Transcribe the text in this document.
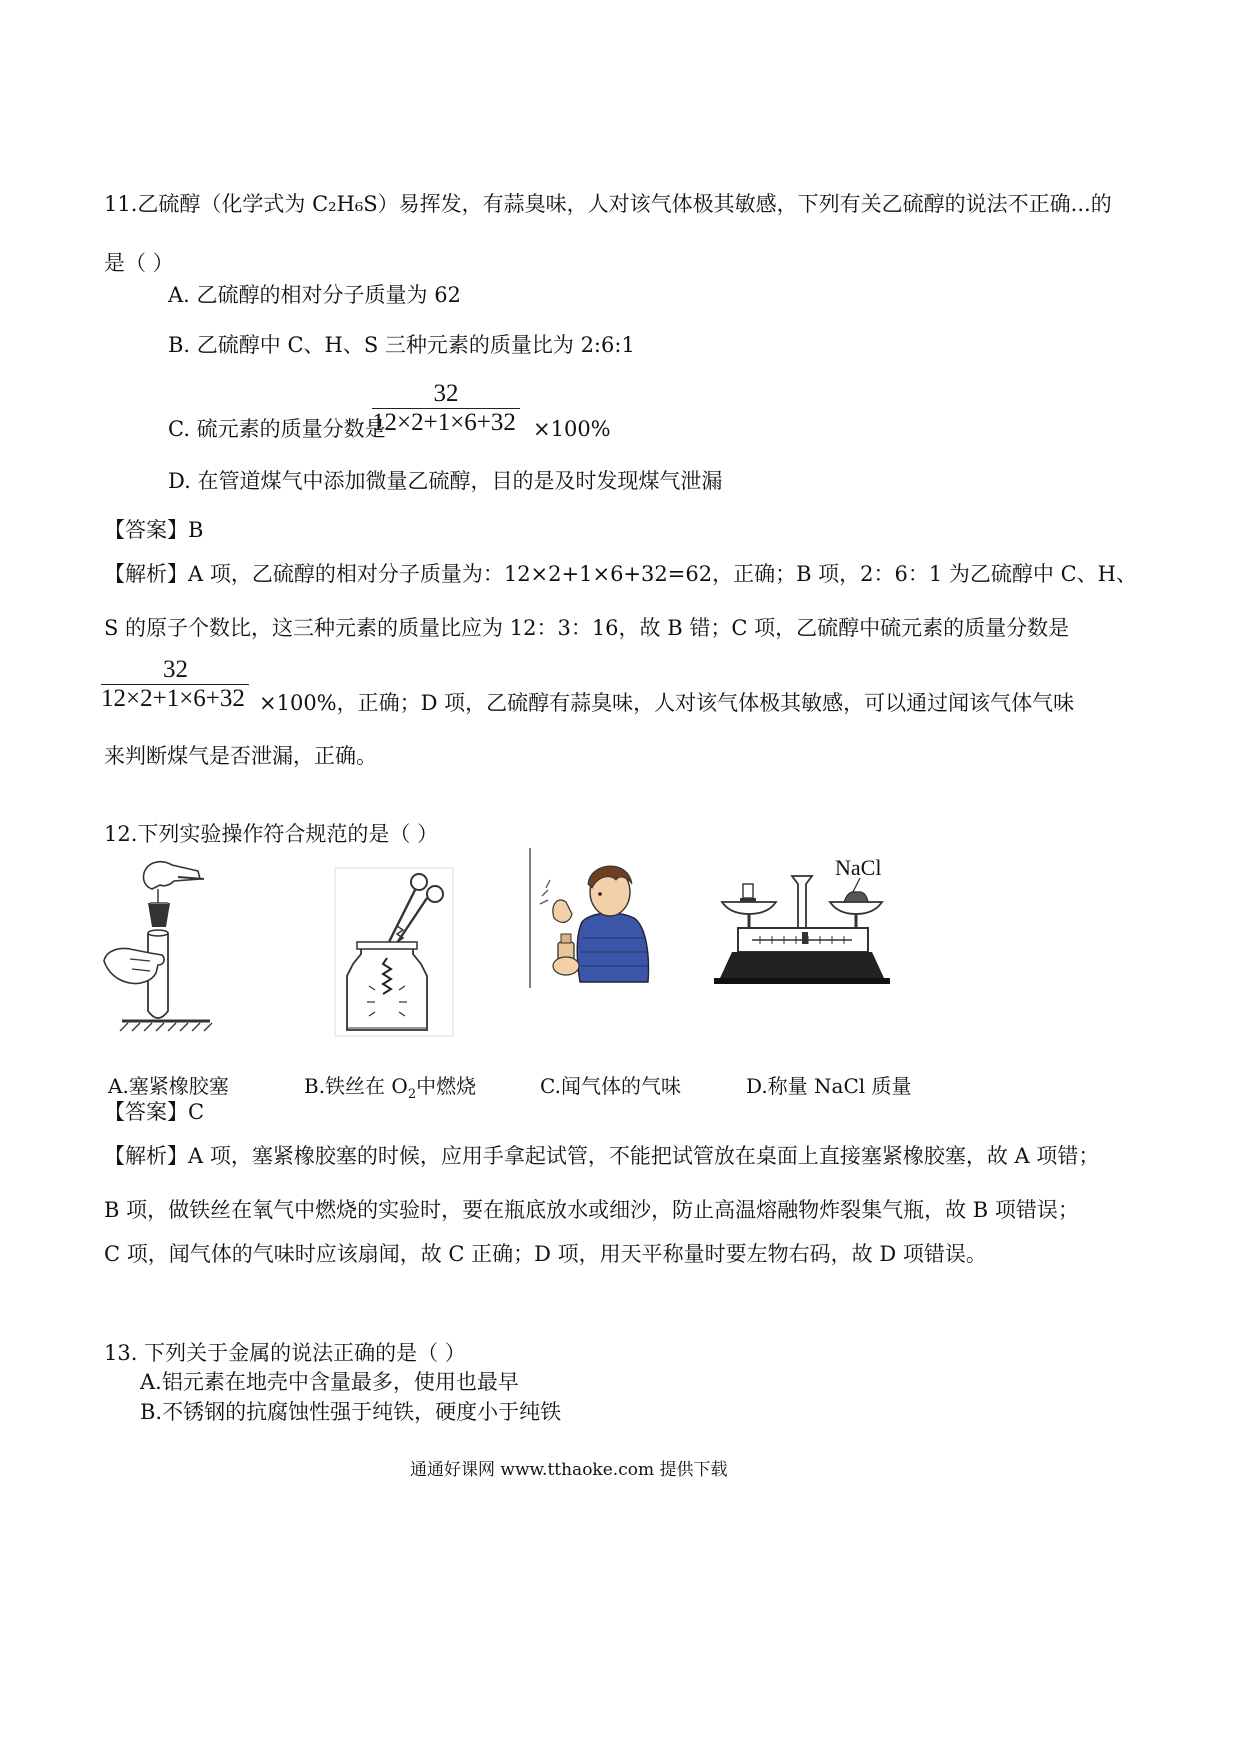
11.乙硫醇（化学式为 C₂H₆S）易挥发，有蒜臭味，人对该气体极其敏感，下列有关乙硫醇的说法不正确...的
是（ ）
A. 乙硫醇的相对分子质量为 62
B. 乙硫醇中 C、H、S 三种元素的质量比为 2:6:1
C. 硫元素的质量分数是
32
12×2+1×6+32 ×100%
D. 在管道煤气中添加微量乙硫醇，目的是及时发现煤气泄漏
【答案】B
【解析】A 项，乙硫醇的相对分子质量为：12×2+1×6+32=62，正确；B 项，2：6：1 为乙硫醇中 C、H、
S 的原子个数比，这三种元素的质量比应为 12：3：16，故 B 错；C 项，乙硫醇中硫元素的质量分数是
32
12×2+1×6+32 ×100%，正确；D 项，乙硫醇有蒜臭味，人对该气体极其敏感，可以通过闻该气体气味
来判断煤气是否泄漏，正确。
12.下列实验操作符合规范的是（ ）
NaCl
A.塞紧橡胶塞	B.铁丝在 $O_2$中燃烧	C.闻气体的气味	D.称量 NaCl 质量
【答案】C
【解析】A 项，塞紧橡胶塞的时候，应用手拿起试管，不能把试管放在桌面上直接塞紧橡胶塞，故 A 项错；
B 项，做铁丝在氧气中燃烧的实验时，要在瓶底放水或细沙，防止高温熔融物炸裂集气瓶，故 B 项错误；
C 项，闻气体的气味时应该扇闻，故 C 正确；D 项，用天平称量时要左物右码，故 D 项错误。
13. 下列关于金属的说法正确的是（ ）
A.铝元素在地壳中含量最多，使用也最早
B.不锈钢的抗腐蚀性强于纯铁，硬度小于纯铁
通通好课网 www.tthaoke.com 提供下载
